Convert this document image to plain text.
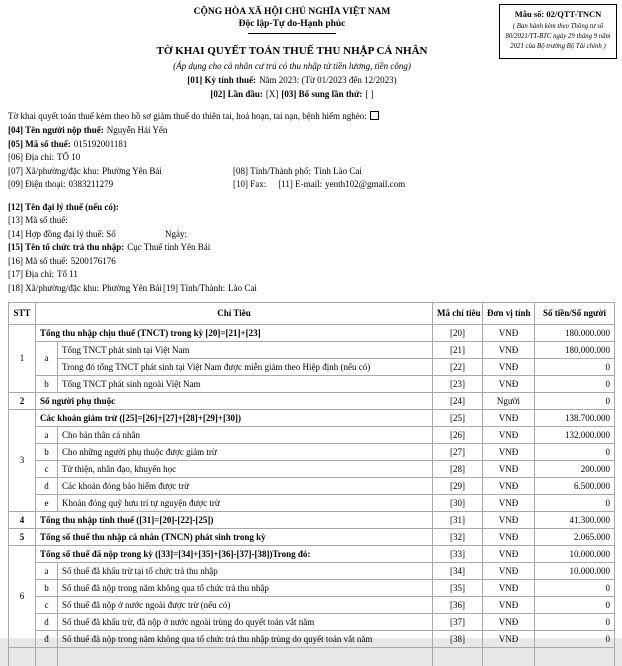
CỘNG HÒA XÃ HỘI CHỦ NGHĨA VIỆT NAM

Độc lập-Tự do-Hạnh phúc

TỜ KHAI QUYẾT TOÁN THUẾ THU NHẬP CÁ NHÂN

(Áp dụng cho cá nhân cư trú có thu nhập từ tiền lương, tiền công)

[01] Kỳ tính thuế: Năm 2023: (Từ 01/2023 đến 12/2023)

[02] Lần đầu: [X] [03] Bổ sung lần thứ: [ ]

Mẫu số: 02/QTT-TNCN

( Ban hành kèm theo Thông tư số
80/2021/TT-BTC ngày 29 tháng 9 năm
2021 của Bộ trưởng Bộ Tài chính )

Tờ khai quyết toán thuế kèm theo hồ sơ giảm thuế do thiên tai, hoả hoạn, tai nạn, bệnh hiểm nghèo:

[04] Tên người nộp thuế: Nguyễn Hải Yến

[05] Mã số thuế: 015192001181

[06] Địa chỉ: TỔ 10

[07] Xã/phường/đặc khu: Phường Yên Bái	[08] Tỉnh/Thành phố: Tỉnh Lào Cai

[09] Điện thoại: 0383211279	[10] Fax: [11] E-mail: yenth102@gmail.com

[12] Tên đại lý thuế (nếu có):

[13] Mã số thuế:

[14] Hợp đồng đại lý thuế: Số	Ngày:

[15] Tên tổ chức trả thu nhập: Cục Thuế tỉnh Yên Bái

[16] Mã số thuế: 5200176176

[17] Địa chỉ: Tổ 11

[18] Xã/phường/đặc khu: Phường Yên Bái[19] Tỉnh/Thành: Lào Cai

STT	Chỉ Tiêu		Mã chỉ tiêu	Đơn vị tính	Số tiền/Số người
1	Tổng thu nhập chịu thuế (TNCT) trong kỳ [20]=[21]+[23]		[20]	VNĐ	180.000.000
	a	Tổng TNCT phát sinh tại Việt Nam	[21]	VNĐ	180.000.000
		Trong đó tổng TNCT phát sinh tại Việt Nam được miễn giảm theo Hiệp định (nếu có)	[22]	VNĐ	0
	b	Tổng TNCT phát sinh ngoài Việt Nam	[23]	VNĐ	0
2	Số người phụ thuộc		[24]	Người	0
3	Các khoản giảm trừ ([25]=[26]+[27]+[28]+[29]+[30])		[25]	VNĐ	138.700.000
	a	Cho bản thân cá nhân	[26]	VNĐ	132.000.000
	b	Cho những người phụ thuộc được giảm trừ	[27]	VNĐ	0
	c	Từ thiện, nhân đạo, khuyến học	[28]	VNĐ	200.000
	d	Các khoản đóng bảo hiểm được trừ	[29]	VNĐ	6.500.000
	e	Khoản đóng quỹ hưu trí tự nguyện được trừ	[30]	VNĐ	0
4	Tổng thu nhập tính thuế ([31]=[20]-[22]-[25])		[31]	VNĐ	41.300.000
5	Tổng số thuế thu nhập cá nhân (TNCN) phát sinh trong kỳ		[32]	VNĐ	2.065.000
6	Tổng số thuế đã nộp trong kỳ ([33]=[34]+[35]+[36]-[37]-[38])Trong đó:		[33]	VNĐ	10.000.000
	a	Số thuế đã khấu trừ tại tổ chức trả thu nhập	[34]	VNĐ	10.000.000
	b	Số thuế đã nộp trong năm không qua tổ chức trả thu nhập	[35]	VNĐ	0
	c	Số thuế đã nộp ở nước ngoài được trừ (nếu có)	[36]	VNĐ	0
	d	Số thuế đã khấu trừ, đã nộp ở nước ngoài trùng do quyết toán vắt năm	[37]	VNĐ	0
	đ	Số thuế đã nộp trong năm không qua tổ chức trả thu nhập trùng do quyết toán vắt năm	[38]	VNĐ	0
